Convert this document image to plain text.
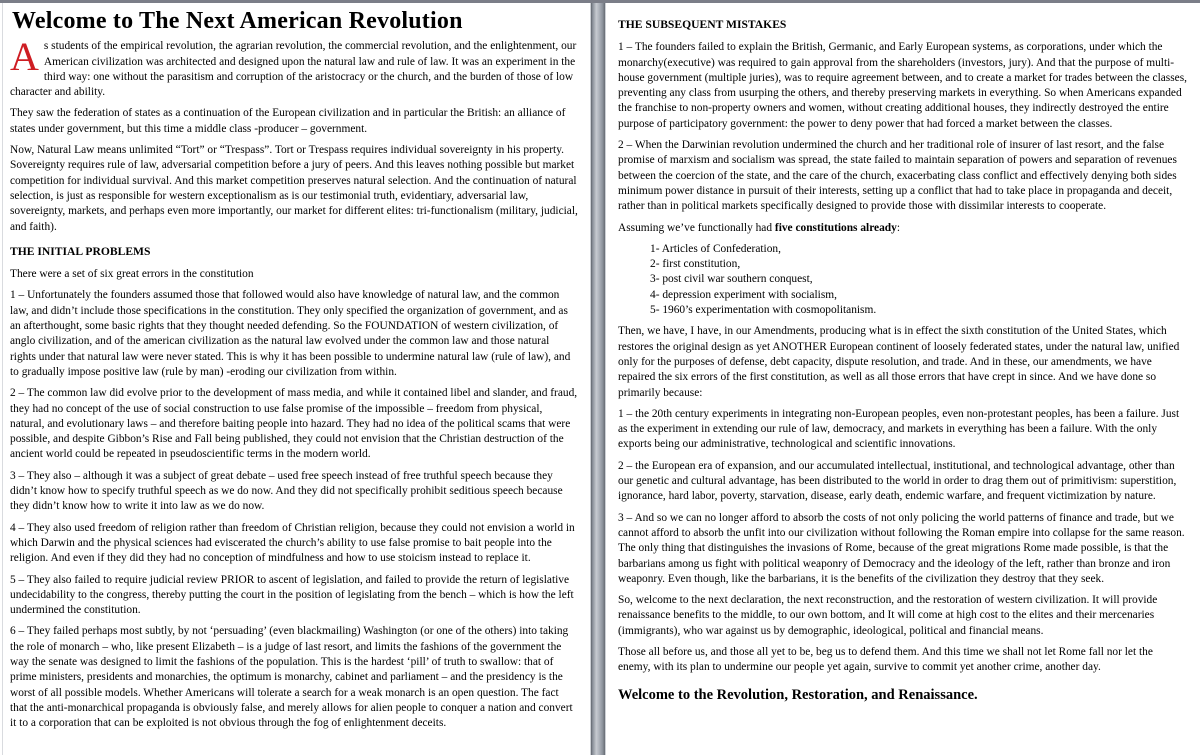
Welcome to The Next American Revolution

As students of the empirical revolution, the agrarian revolution, the commercial revolution, and the enlightenment, our American civilization was architected and designed upon the natural law and rule of law. It was an experiment in the third way: one without the parasitism and corruption of the aristocracy or the church, and the burden of those of low character and ability.

They saw the federation of states as a continuation of the European civilization and in particular the British: an alliance of states under government, but this time a middle class -producer – government.

Now, Natural Law means unlimited “Tort” or “Trespass”. Tort or Trespass requires individual sovereignty in his property. Sovereignty requires rule of law, adversarial competition before a jury of peers. And this leaves nothing possible but market competition for individual survival. And this market competition preserves natural selection. And the continuation of natural selection, is just as responsible for western exceptionalism as is our testimonial truth, evidentiary, adversarial law, sovereignty, markets, and perhaps even more importantly, our market for different elites: tri-functionalism (military, judicial, and faith).

THE INITIAL PROBLEMS

There were a set of six great errors in the constitution

1 – Unfortunately the founders assumed those that followed would also have knowledge of natural law, and the common law, and didn’t include those specifications in the constitution. They only specified the organization of government, and as an afterthought, some basic rights that they thought needed defending. So the FOUNDATION of western civilization, of anglo civilization, and of the american civilization as the natural law evolved under the common law and those natural rights under that natural law were never stated. This is why it has been possible to undermine natural law (rule of law), and to gradually impose positive law (rule by man) -eroding our civilization from within.

2 – The common law did evolve prior to the development of mass media, and while it contained libel and slander, and fraud, they had no concept of the use of social construction to use false promise of the impossible – freedom from physical, natural, and evolutionary laws – and therefore baiting people into hazard. They had no idea of the political scams that were possible, and despite Gibbon’s Rise and Fall being published, they could not envision that the Christian destruction of the ancient world could be repeated in pseudoscientific terms in the modern world.

3 – They also – although it was a subject of great debate – used free speech instead of free truthful speech because they didn’t know how to specify truthful speech as we do now. And they did not specifically prohibit seditious speech because they didn’t know how to write it into law as we do now.

4 – They also used freedom of religion rather than freedom of Christian religion, because they could not envision a world in which Darwin and the physical sciences had eviscerated the church’s ability to use false promise to bait people into the religion. And even if they did they had no conception of mindfulness and how to use stoicism instead to replace it.

5 – They also failed to require judicial review PRIOR to ascent of legislation, and failed to provide the return of legislative undecidability to the congress, thereby putting the court in the position of legislating from the bench – which is how the left undermined the constitution.

6 – They failed perhaps most subtly, by not ‘persuading’ (even blackmailing) Washington (or one of the others) into taking the role of monarch – who, like present Elizabeth – is a judge of last resort, and limits the fashions of the government the way the senate was designed to limit the fashions of the population. This is the hardest ‘pill’ of truth to swallow: that of prime ministers, presidents and monarchies, the optimum is monarchy, cabinet and parliament – and the presidency is the worst of all possible models. Whether Americans will tolerate a search for a weak monarch is an open question. The fact that the anti-monarchical propaganda is obviously false, and merely allows for alien people to conquer a nation and convert it to a corporation that can be exploited is not obvious through the fog of enlightenment deceits.

THE SUBSEQUENT MISTAKES

1 – The founders failed to explain the British, Germanic, and Early European systems, as corporations, under which the monarchy(executive) was required to gain approval from the shareholders (investors, jury). And that the purpose of multi-house government (multiple juries), was to require agreement between, and to create a market for trades between the classes, preventing any class from usurping the others, and thereby preserving markets in everything. So when Americans expanded the franchise to non-property owners and women, without creating additional houses, they indirectly destroyed the entire purpose of participatory government: the power to deny power that had forced a market between the classes.

2 – When the Darwinian revolution undermined the church and her traditional role of insurer of last resort, and the false promise of marxism and socialism was spread, the state failed to maintain separation of powers and separation of revenues between the coercion of the state, and the care of the church, exacerbating class conflict and effectively denying both sides minimum power distance in pursuit of their interests, setting up a conflict that had to take place in propaganda and deceit, rather than in political markets specifically designed to provide those with dissimilar interests to cooperate.

Assuming we’ve functionally had five constitutions already:

1- Articles of Confederation,
2- first constitution,
3- post civil war southern conquest,
4- depression experiment with socialism,
5- 1960’s experimentation with cosmopolitanism.

Then, we have, I have, in our Amendments, producing what is in effect the sixth constitution of the United States, which restores the original design as yet ANOTHER European continent of loosely federated states, under the natural law, unified only for the purposes of defense, debt capacity, dispute resolution, and trade. And in these, our amendments, we have repaired the six errors of the first constitution, as well as all those errors that have crept in since. And we have done so primarily because:

1 – the 20th century experiments in integrating non-European peoples, even non-protestant peoples, has been a failure. Just as the experiment in extending our rule of law, democracy, and markets in everything has been a failure. With the only exports being our administrative, technological and scientific innovations.

2 – the European era of expansion, and our accumulated intellectual, institutional, and technological advantage, other than our genetic and cultural advantage, has been distributed to the world in order to drag them out of primitivism: superstition, ignorance, hard labor, poverty, starvation, disease, early death, endemic warfare, and frequent victimization by nature.

3 – And so we can no longer afford to absorb the costs of not only policing the world patterns of finance and trade, but we cannot afford to absorb the unfit into our civilization without following the Roman empire into collapse for the same reason. The only thing that distinguishes the invasions of Rome, because of the great migrations Rome made possible, is that the barbarians among us fight with political weaponry of Democracy and the ideology of the left, rather than bronze and iron weaponry. Even though, like the barbarians, it is the benefits of the civilization they destroy that they seek.

So, welcome to the next declaration, the next reconstruction, and the restoration of western civilization. It will provide renaissance benefits to the middle, to our own bottom, and It will come at high cost to the elites and their mercenaries (immigrants), who war against us by demographic, ideological, political and financial means.

Those all before us, and those all yet to be, beg us to defend them. And this time we shall not let Rome fall nor let the enemy, with its plan to undermine our people yet again, survive to commit yet another crime, another day.

Welcome to the Revolution, Restoration, and Renaissance.
